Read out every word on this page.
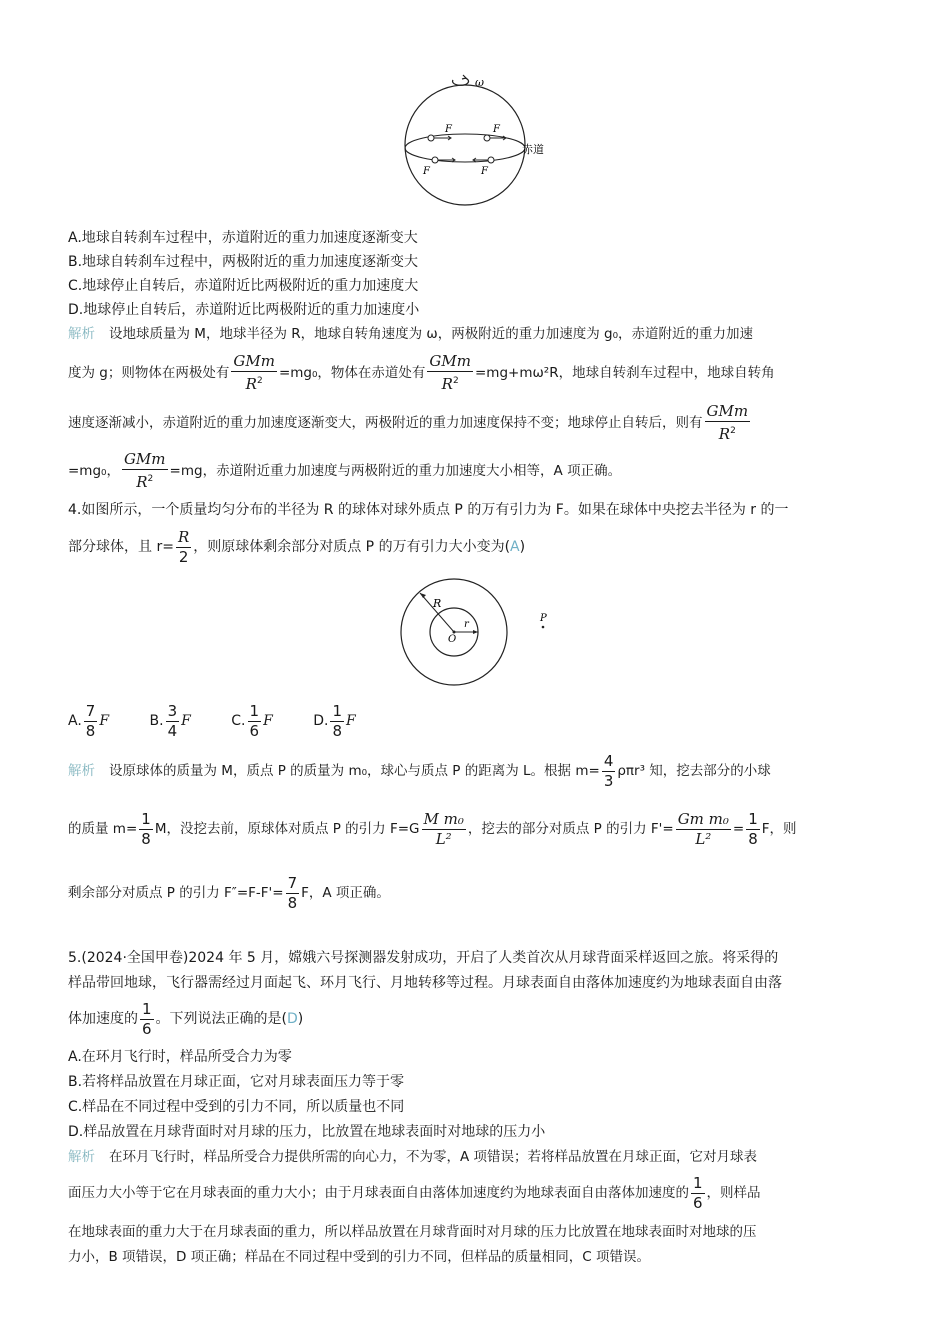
ω
F	F
F	F
赤道
A.地球自转刹车过程中，赤道附近的重力加速度逐渐变大
B.地球自转刹车过程中，两极附近的重力加速度逐渐变大
C.地球停止自转后，赤道附近比两极附近的重力加速度大
D.地球停止自转后，赤道附近比两极附近的重力加速度小
解析 设地球质量为 M，地球半径为 R，地球自转角速度为 ω，两极附近的重力加速度为 g₀，赤道附近的重力加速
度为 g；则物体在两极处有 $\frac{\text{GMm}}{R^2} =mg_0$，物体在赤道处有 $\frac{\text{GMm}}{R^2} =mg+m\omega^2R$，地球自转刹车过程中，地球自转角
速度逐渐减小，赤道附近的重力加速度逐渐变大，两极附近的重力加速度保持不变；地球停止自转后，则有 $\frac{\text{GMm}}{R^2}$
=mg₀， $\frac{\text{GMm}}{R^2} =mg$，赤道附近重力加速度与两极附近的重力加速度大小相等，A 项正确。
4.如图所示，一个质量均匀分布的半径为 R 的球体对球外质点 P 的万有引力为 F。如果在球体中央挖去半径为 r 的一
部分球体，且 $r= \frac{R}{2}$ ，则原球体剩余部分对质点 P 的万有引力大小变为(A)
R
r
O
P
A. $\frac{7}{8}$ F	B. $\frac{3}{4}$ F	C. $\frac{1}{6}$ F	D. $\frac{1}{8}$ F
解析 设原球体的质量为 M，质点 P 的质量为 m₀，球心与质点 P 的距离为 L。根据 $m= \frac{4}{3} \rho\pi r^3$ 知，挖去部分的小球
的质量 $m= \frac{1}{8}$ M，没挖去前，原球体对质点 P 的引力 $F=G \frac{\text{M m₀}}{\text{L²}}$ ，挖去的部分对质点 P 的引力 $F'= \frac{\text{Gm m₀}}{\text{L²}} = \frac{1}{8}$ F，则
剩余部分对质点 P 的引力 $F''=F-F'= \frac{7}{8}$ F，A 项正确。
5.(2024·全国甲卷)2024 年 5 月，嫦娥六号探测器发射成功，开启了人类首次从月球背面采样返回之旅。将采得的
样品带回地球，飞行器需经过月面起飞、环月飞行、月地转移等过程。月球表面自由落体加速度约为地球表面自由落
体加速度的 $\frac{1}{6}$ 。下列说法正确的是(D)
A.在环月飞行时，样品所受合力为零
B.若将样品放置在月球正面，它对月球表面压力等于零
C.样品在不同过程中受到的引力不同，所以质量也不同
D.样品放置在月球背面时对月球的压力，比放置在地球表面时对地球的压力小
解析 在环月飞行时，样品所受合力提供所需的向心力，不为零，A 项错误；若将样品放置在月球正面，它对月球表
面压力大小等于它在月球表面的重力大小；由于月球表面自由落体加速度约为地球表面自由落体加速度的 $\frac{1}{6}$ ，则样品
在地球表面的重力大于在月球表面的重力，所以样品放置在月球背面时对月球的压力比放置在地球表面时对地球的压
力小，B 项错误，D 项正确；样品在不同过程中受到的引力不同，但样品的质量相同，C 项错误。
